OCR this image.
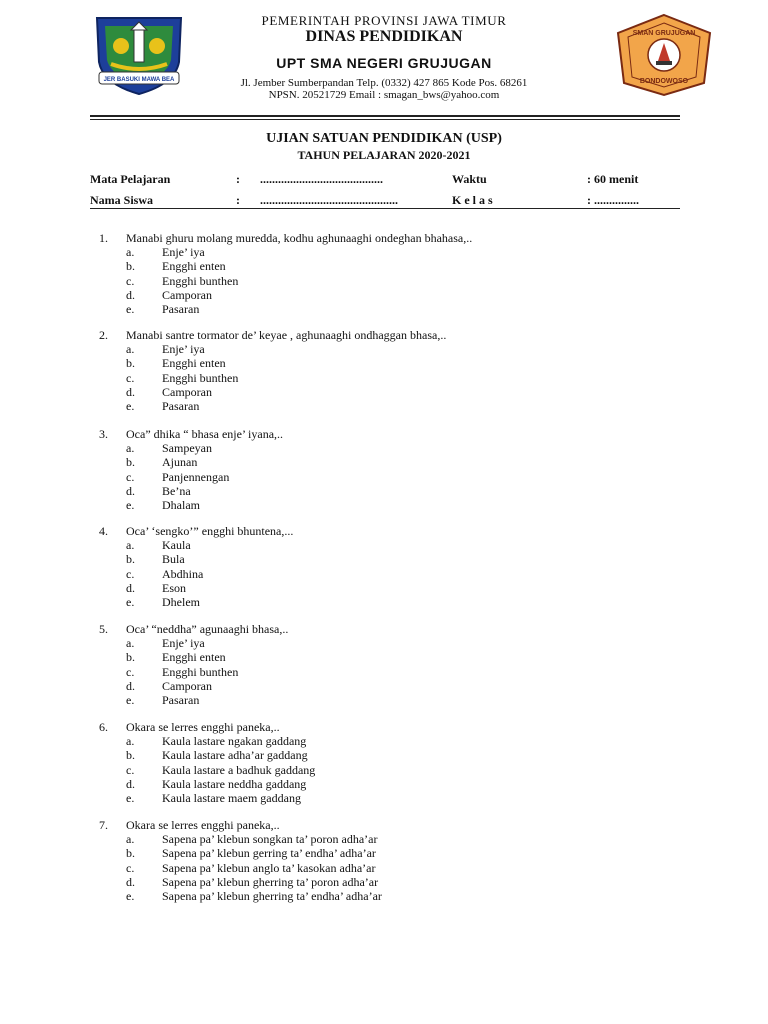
JER BASUKI MAWA BEA
PEMERINTAH PROVINSI JAWA TIMUR
DINAS PENDIDIKAN
UPT SMA NEGERI GRUJUGAN
Jl. Jember Sumberpandan Telp. (0332) 427 865 Kode Pos. 68261
NPSN. 20521729 Email : smagan_bws@yahoo.com
SMAN GRUJUGAN
BONDOWOSO
UJIAN SATUAN PENDIDIKAN (USP)
TAHUN PELAJARAN 2020-2021
Mata Pelajaran	: .........................................	Waktu	: 60 menit
Nama Siswa	: ..............................................	K e l a s	: ...............
1.	Manabi ghuru molang muredda, kodhu aghunaaghi ondeghan bhahasa,..
a. Enje’ iya
b. Engghi enten
c. Engghi bunthen
d. Camporan
e. Pasaran
2.	Manabi santre tormator de’ keyae , aghunaaghi ondhaggan bhasa,..
a. Enje’ iya
b. Engghi enten
c. Engghi bunthen
d. Camporan
e. Pasaran
3.	Oca” dhika “ bhasa enje’ iyana,..
a. Sampeyan
b. Ajunan
c. Panjennengan
d. Be’na
e. Dhalam
4.	Oca’ ‘sengko’” engghi bhuntena,...
a. Kaula
b. Bula
c. Abdhina
d. Eson
e. Dhelem
5.	Oca’ “neddha” agunaaghi bhasa,..
a. Enje’ iya
b. Engghi enten
c. Engghi bunthen
d. Camporan
e. Pasaran
6.	Okara se lerres engghi paneka,..
a. Kaula lastare ngakan gaddang
b. Kaula lastare adha’ar gaddang
c. Kaula lastare a badhuk gaddang
d. Kaula lastare neddha gaddang
e. Kaula lastare maem gaddang
7.	Okara se lerres engghi paneka,..
a. Sapena pa’ klebun songkan ta’ poron adha’ar
b. Sapena pa’ klebun gerring ta’ endha’ adha’ar
c. Sapena pa’ klebun anglo ta’ kasokan adha’ar
d. Sapena pa’ klebun gherring ta’ poron adha’ar
e. Sapena pa’ klebun gherring ta’ endha’ adha’ar
